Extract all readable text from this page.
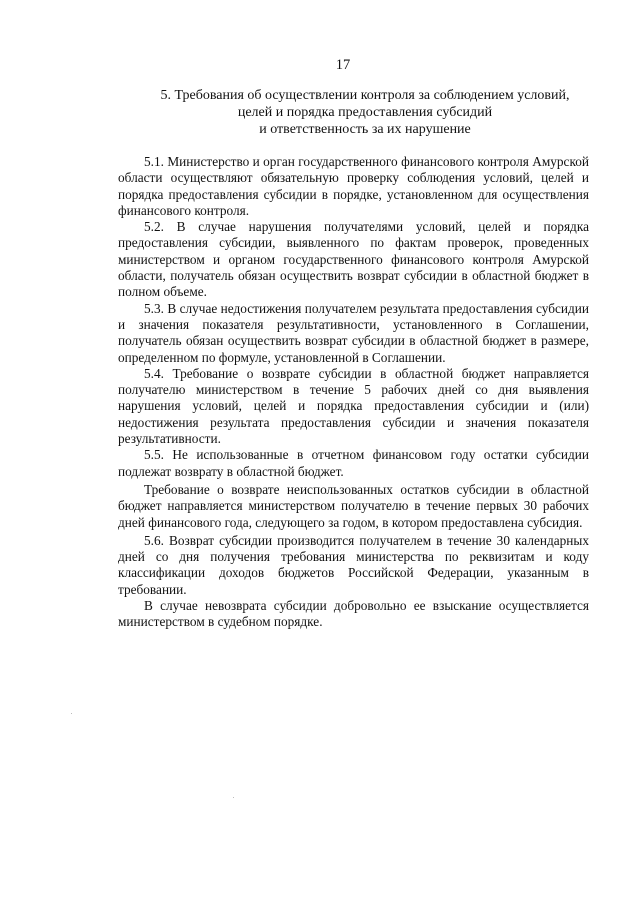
17
5. Требования об осуществлении контроля за соблюдением условий,
целей и порядка предоставления субсидий
и ответственность за их нарушение

5.1. Министерство и орган государственного финансового контроля Амурской области осуществляют обязательную проверку соблюдения условий, целей и порядка предоставления субсидии в порядке, установленном для осуществления финансового контроля.

5.2. В случае нарушения получателями условий, целей и порядка предоставления субсидии, выявленного по фактам проверок, проведенных министерством и органом государственного финансового контроля Амурской области, получатель обязан осуществить возврат субсидии в областной бюджет в полном объеме.

5.3. В случае недостижения получателем результата предоставления субсидии и значения показателя результативности, установленного в Соглашении, получатель обязан осуществить возврат субсидии в областной бюджет в размере, определенном по формуле, установленной в Соглашении.

5.4. Требование о возврате субсидии в областной бюджет направляется получателю министерством в течение 5 рабочих дней со дня выявления нарушения условий, целей и порядка предоставления субсидии и (или) недостижения результата предоставления субсидии и значения показателя результативности.

5.5. Не использованные в отчетном финансовом году остатки субсидии подлежат возврату в областной бюджет.

Требование о возврате неиспользованных остатков субсидии в областной бюджет направляется министерством получателю в течение первых 30 рабочих дней финансового года, следующего за годом, в котором предоставлена субсидия.

5.6. Возврат субсидии производится получателем в течение 30 календарных дней со дня получения требования министерства по реквизитам и коду классификации доходов бюджетов Российской Федерации, указанным в требовании.

В случае невозврата субсидии добровольно ее взыскание осуществляется министерством в судебном порядке.
